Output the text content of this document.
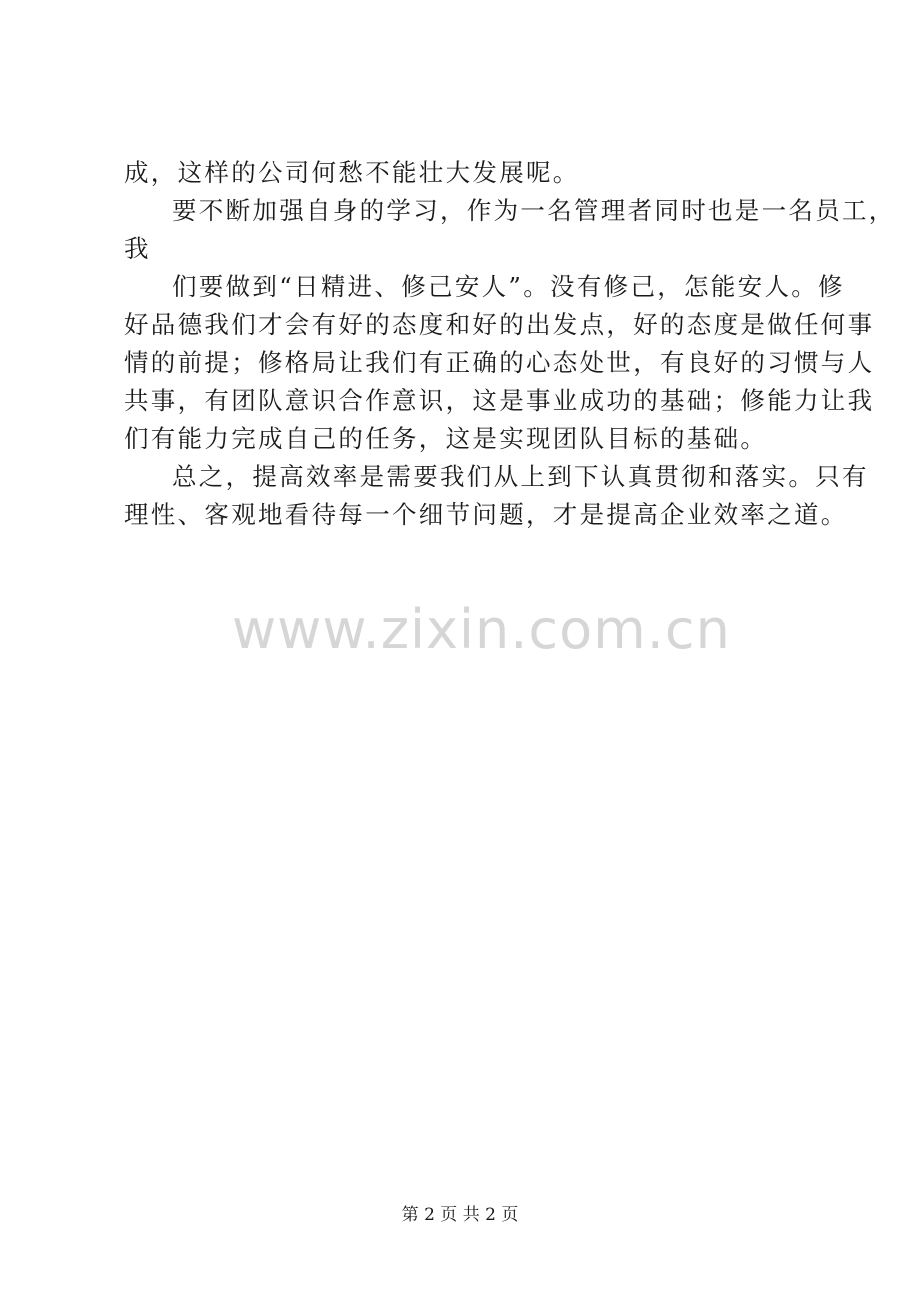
成，这样的公司何愁不能壮大发展呢。
要不断加强自身的学习，作为一名管理者同时也是一名员工，
我
们要做到“日精进、修己安人”。没有修己，怎能安人。修
好品德我们才会有好的态度和好的出发点，好的态度是做任何事
情的前提；修格局让我们有正确的心态处世，有良好的习惯与人
共事，有团队意识合作意识，这是事业成功的基础；修能力让我
们有能力完成自己的任务，这是实现团队目标的基础。
总之，提高效率是需要我们从上到下认真贯彻和落实。只有
理性、客观地看待每一个细节问题，才是提高企业效率之道。
www.zixin.com.cn
第 2 页 共 2 页
